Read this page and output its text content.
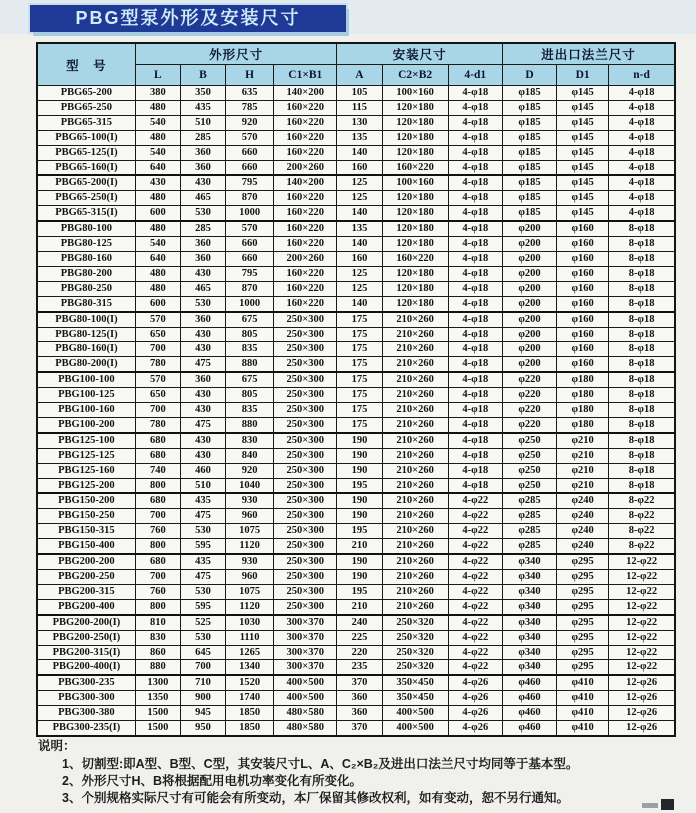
PBG型泵外形及安装尺寸
型　号	外形尺寸				安装尺寸			进出口法兰尺寸		
	L	B	H	C1×B1	A	C2×B2	4-d1	D	D1	n-d
PBG65-200	380	350	635	140×200	105	100×160	4-φ18	φ185	φ145	4-φ18
PBG65-250	480	435	785	160×220	115	120×180	4-φ18	φ185	φ145	4-φ18
PBG65-315	540	510	920	160×220	130	120×180	4-φ18	φ185	φ145	4-φ18
PBG65-100(I)	480	285	570	160×220	135	120×180	4-φ18	φ185	φ145	4-φ18
PBG65-125(I)	540	360	660	160×220	140	120×180	4-φ18	φ185	φ145	4-φ18
PBG65-160(I)	640	360	660	200×260	160	160×220	4-φ18	φ185	φ145	4-φ18
PBG65-200(I)	430	430	795	140×200	125	100×160	4-φ18	φ185	φ145	4-φ18
PBG65-250(I)	480	465	870	160×220	125	120×180	4-φ18	φ185	φ145	4-φ18
PBG65-315(I)	600	530	1000	160×220	140	120×180	4-φ18	φ185	φ145	4-φ18
PBG80-100	480	285	570	160×220	135	120×180	4-φ18	φ200	φ160	8-φ18
PBG80-125	540	360	660	160×220	140	120×180	4-φ18	φ200	φ160	8-φ18
PBG80-160	640	360	660	200×260	160	160×220	4-φ18	φ200	φ160	8-φ18
PBG80-200	480	430	795	160×220	125	120×180	4-φ18	φ200	φ160	8-φ18
PBG80-250	480	465	870	160×220	125	120×180	4-φ18	φ200	φ160	8-φ18
PBG80-315	600	530	1000	160×220	140	120×180	4-φ18	φ200	φ160	8-φ18
PBG80-100(I)	570	360	675	250×300	175	210×260	4-φ18	φ200	φ160	8-φ18
PBG80-125(I)	650	430	805	250×300	175	210×260	4-φ18	φ200	φ160	8-φ18
PBG80-160(I)	700	430	835	250×300	175	210×260	4-φ18	φ200	φ160	8-φ18
PBG80-200(I)	780	475	880	250×300	175	210×260	4-φ18	φ200	φ160	8-φ18
PBG100-100	570	360	675	250×300	175	210×260	4-φ18	φ220	φ180	8-φ18
PBG100-125	650	430	805	250×300	175	210×260	4-φ18	φ220	φ180	8-φ18
PBG100-160	700	430	835	250×300	175	210×260	4-φ18	φ220	φ180	8-φ18
PBG100-200	780	475	880	250×300	175	210×260	4-φ18	φ220	φ180	8-φ18
PBG125-100	680	430	830	250×300	190	210×260	4-φ18	φ250	φ210	8-φ18
PBG125-125	680	430	840	250×300	190	210×260	4-φ18	φ250	φ210	8-φ18
PBG125-160	740	460	920	250×300	190	210×260	4-φ18	φ250	φ210	8-φ18
PBG125-200	800	510	1040	250×300	195	210×260	4-φ18	φ250	φ210	8-φ18
PBG150-200	680	435	930	250×300	190	210×260	4-φ22	φ285	φ240	8-φ22
PBG150-250	700	475	960	250×300	190	210×260	4-φ22	φ285	φ240	8-φ22
PBG150-315	760	530	1075	250×300	195	210×260	4-φ22	φ285	φ240	8-φ22
PBG150-400	800	595	1120	250×300	210	210×260	4-φ22	φ285	φ240	8-φ22
PBG200-200	680	435	930	250×300	190	210×260	4-φ22	φ340	φ295	12-φ22
PBG200-250	700	475	960	250×300	190	210×260	4-φ22	φ340	φ295	12-φ22
PBG200-315	760	530	1075	250×300	195	210×260	4-φ22	φ340	φ295	12-φ22
PBG200-400	800	595	1120	250×300	210	210×260	4-φ22	φ340	φ295	12-φ22
PBG200-200(I)	810	525	1030	300×370	240	250×320	4-φ22	φ340	φ295	12-φ22
PBG200-250(I)	830	530	1110	300×370	225	250×320	4-φ22	φ340	φ295	12-φ22
PBG200-315(I)	860	645	1265	300×370	220	250×320	4-φ22	φ340	φ295	12-φ22
PBG200-400(I)	880	700	1340	300×370	235	250×320	4-φ22	φ340	φ295	12-φ22
PBG300-235	1300	710	1520	400×500	370	350×450	4-φ26	φ460	φ410	12-φ26
PBG300-300	1350	900	1740	400×500	360	350×450	4-φ26	φ460	φ410	12-φ26
PBG300-380	1500	945	1850	480×580	360	400×500	4-φ26	φ460	φ410	12-φ26
PBG300-235(I)	1500	950	1850	480×580	370	400×500	4-φ26	φ460	φ410	12-φ26
说明：
1、切割型:即A型、B型、C型，其安装尺寸L、A、C₂×B₂及进出口法兰尺寸均同等于基本型。
2、外形尺寸H、B将根据配用电机功率变化有所变化。
3、个别规格实际尺寸有可能会有所变动，本厂保留其修改权利，如有变动，恕不另行通知。
